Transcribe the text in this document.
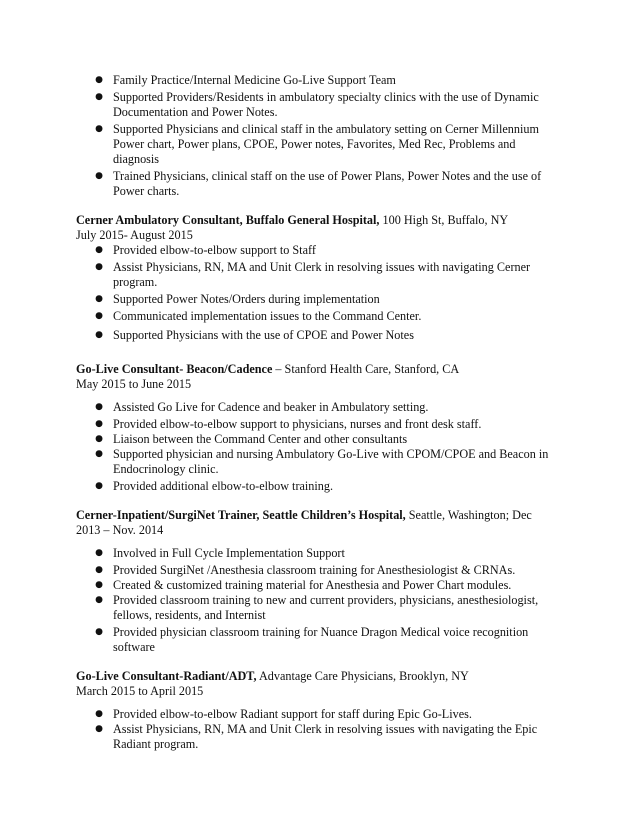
● Family Practice/Internal Medicine Go-Live Support Team
● Supported Providers/Residents in ambulatory specialty clinics with the use of Dynamic Documentation and Power Notes.
● Supported Physicians and clinical staff in the ambulatory setting on Cerner Millennium Power chart, Power plans, CPOE, Power notes, Favorites, Med Rec, Problems and diagnosis
● Trained Physicians, clinical staff on the use of Power Plans, Power Notes and the use of Power charts.
Cerner Ambulatory Consultant, Buffalo General Hospital, 100 High St, Buffalo, NY
July 2015- August 2015
● Provided elbow-to-elbow support to Staff
● Assist Physicians, RN, MA and Unit Clerk in resolving issues with navigating Cerner program.
● Supported Power Notes/Orders during implementation
● Communicated implementation issues to the Command Center.
● Supported Physicians with the use of CPOE and Power Notes
Go-Live Consultant- Beacon/Cadence – Stanford Health Care, Stanford, CA
May 2015 to June 2015
● Assisted Go Live for Cadence and beaker in Ambulatory setting.
● Provided elbow-to-elbow support to physicians, nurses and front desk staff.
● Liaison between the Command Center and other consultants
● Supported physician and nursing Ambulatory Go-Live with CPOM/CPOE and Beacon in Endocrinology clinic.
● Provided additional elbow-to-elbow training.
Cerner-Inpatient/SurgiNet Trainer, Seattle Children’s Hospital, Seattle, Washington; Dec 2013 – Nov. 2014
● Involved in Full Cycle Implementation Support
● Provided SurgiNet /Anesthesia classroom training for Anesthesiologist & CRNAs.
● Created & customized training material for Anesthesia and Power Chart modules.
● Provided classroom training to new and current providers, physicians, anesthesiologist, fellows, residents, and Internist
● Provided physician classroom training for Nuance Dragon Medical voice recognition software
Go-Live Consultant-Radiant/ADT, Advantage Care Physicians, Brooklyn, NY
March 2015 to April 2015
● Provided elbow-to-elbow Radiant support for staff during Epic Go-Lives.
● Assist Physicians, RN, MA and Unit Clerk in resolving issues with navigating the Epic Radiant program.
